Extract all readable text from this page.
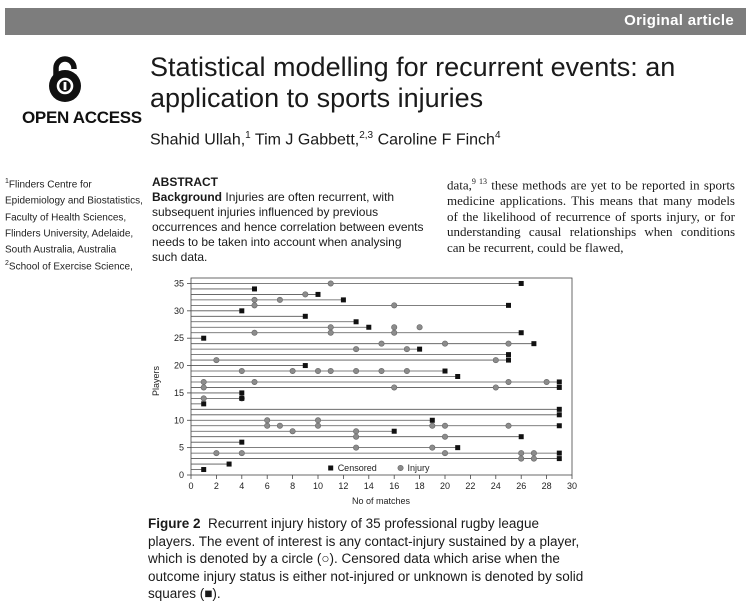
Original article
OPEN ACCESS
Statistical modelling for recurrent events: an application to sports injuries
Shahid Ullah,$^1$ Tim J Gabbett,$^{2,3}$ Caroline F Finch$^4$
$^1$Flinders Centre for
Epidemiology and Biostatistics,
Faculty of Health Sciences,
Flinders University, Adelaide,
South Australia, Australia
$^2$School of Exercise Science,
ABSTRACT
Background Injuries are often recurrent, with subsequent injuries influenced by previous occurrences and hence correlation between events needs to be taken into account when analysing such data.
data,$^{9 13}$ these methods are yet to be reported in sports medicine applications. This means that many models of the likelihood of recurrence of sports injury, or for understanding causal relationships when conditions can be recurrent, could be flawed,
0 2 4 6 8 10 12 14 16 18 20 22 24 26 28 30
0
5
10
15
20
25
30
35
Censored	Injury
Players
No of matches
Figure 2 Recurrent injury history of 35 professional rugby league players. The event of interest is any contact-injury sustained by a player, which is denoted by a circle (○). Censored data which arise when the outcome injury status is either not-injured or unknown is denoted by solid squares (■).
